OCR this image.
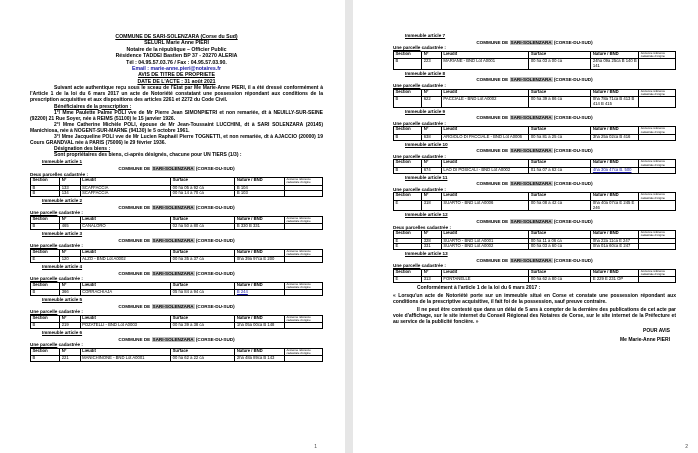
COMMUNE DE SARI-SOLENZARA (Corse du Sud)
SELURL Marie Anne PIERI
Notaire de la république – Officier Public
Résidence TADDEI Bastien BP 37 - 20270 ALERIA
Tél : 04.95.57.03.76 / Fax : 04.95.57.03.90.
Email : marie-anne.pieri@notaires.fr
AVIS DE TITRE DE PROPRIETE
DATE DE L'ACTE : 31 août 2021
Suivant acte authentique reçu sous le sceau de l'Etat par Me Marie-Anne PIERI, il a été dressé conformément à l'Article 1 de la loi du 6 mars 2017 un acte de Notoriété constatant une possession répondant aux conditions de la prescription acquisitive et aux dispositions des articles 2261 et 2272 du Code Civil.
Bénéficiaires de la prescription :
1°/ Mme Paulette Palme POLI vve de Mr Pierre Jean SIMONPIETRI et non remariée, dt à NEUILLY-SUR-SEINE (92200) 21 Rue Soyer, née à REIMS (51100) le 15 janvier 1926.
2°/ Mme Catherine Michèle POLI, épouse de Mr Jean-Toussaint LUCCHINI, dt à SARI SOLENZARA (20145) Manichiosa, née à NOGENT-SUR-MARNE (94130) le 5 octobre 1961.
3°/ Mme Jacqueline POLI vve de Mr Lucien Raphaël Pierre TOGNETTI, et non remariée, dt à AJACCIO (20000) 19 Cours GRANDVAL née à PARIS (75006) le 29 février 1936.
Désignation des biens :
Sont propriétaires des biens, ci-après désignés, chacune pour UN TIERS (1/3) :
Immeuble article 1
COMMUNE DE SARI-SOLENZARA (CORSE-DU-SUD)
Deux parcelles cadastrée :
Section	N°	Lieudit	Surface	Nature / BND	Ancienne référence cadastrale d'origine
B	133	SCAFFACCIA	00 ha 05 a 92 ca	B 104	
B	134	SCAFFACCIA	00 ha 14 a 70 ca	B 103	
Immeuble article 2
COMMUNE DE SARI-SOLENZARA (CORSE-DU-SUD)
Une parcelle cadastrée :
Section	N°	Lieudit	Surface	Nature / BND	Ancienne référence cadastrale d'origine
B	465	CANALORO	02 ha 50 a 80 ca	B 330 B 331	
Immeuble article 3
COMMUNE DE SARI-SOLENZARA (CORSE-DU-SUD)
Une parcelle cadastrée :
Section	N°	Lieudit	Surface	Nature / BND	Ancienne référence cadastrale d'origine
E	120	ALZO - BND Lot A0002	00 ha 35 a 37 ca	0ha 39a 97ca E 200	
Immeuble article 4
COMMUNE DE SARI-SOLENZARA (CORSE-DU-SUD)
Une parcelle cadastrée :
Section	N°	Lieudit	Surface	Nature / BND	Ancienne référence cadastrale d'origine
B	366	CORRACHIAJA	05 ha 84 a 94 ca	B 244	
Immeuble article 5
COMMUNE DE SARI-SOLENZARA (CORSE-DU-SUD)
Une parcelle cadastrée :
Section	N°	Lieudit	Surface	Nature / BND	Ancienne référence cadastrale d'origine
B	219	POZATELLI - BND Lot A0003	00 ha 39 a 38 ca	1ha 05a 00ca B 148	
Immeuble article 6
COMMUNE DE SARI-SOLENZARA (CORSE-DU-SUD)
Une parcelle cadastrée :
Section	N°	Lieudit	Surface	Nature / BND	Ancienne référence cadastrale d'origine
B	221	MANICHINONE - BND Lot A0001	00 ha 62 a 22 ca	2ha 48a 89ca B 143	
1
Immeuble article 7
COMMUNE DE SARI-SOLENZARA (CORSE-DU-SUD)
Une parcelle cadastrée :
Section	N°	Lieudit	Surface	Nature / BND	Ancienne référence cadastrale d'origine
B	223	MARIANE - BND Lot A0001	00 ha 03 a 00 ca	24ha 09a 25ca B 140 B 141	
Immeuble article 8
COMMUNE DE SARI-SOLENZARA (CORSE-DU-SUD)
Une parcelle cadastrée :
Section	N°	Lieudit	Surface	Nature / BND	Ancienne référence cadastrale d'origine
B	622	PACCIALE - BND Lot A0002	00 ha 39 a 86 ca	0ha 78a 71ca B 413 B 414 B 415	
Immeuble article 9
COMMUNE DE SARI-SOLENZARA (CORSE-DU-SUD)
Une parcelle cadastrée :
Section	N°	Lieudit	Surface	Nature / BND	Ancienne référence cadastrale d'origine
B	638	ARGIOLO DI PACCIALE - BND Lot A0006	00 ha 81 a 25 ca	3ha 25a 02ca B 416	
Immeuble article 10
COMMUNE DE SARI-SOLENZARA (CORSE-DU-SUD)
Une parcelle cadastrée :
Section	N°	Lieudit	Surface	Nature / BND	Ancienne référence cadastrale d'origine
B	674	LAO DI POSICALI - BND Lot A0002	01 ha 07 a 62 ca	4ha 30a 47ca B. 500	
Immeuble article 11
COMMUNE DE SARI-SOLENZARA (CORSE-DU-SUD)
Une parcelle cadastrée :
Section	N°	Lieudit	Surface	Nature / BND	Ancienne référence cadastrale d'origine
E	318	SUARTO - BND Lot A0006	00 ha 08 a 42 ca	0ha 40a 07ca E 245 E 246	
Immeuble article 12
COMMUNE DE SARI-SOLENZARA (CORSE-DU-SUD)
Deux parcelles cadastrée :
Section	N°	Lieudit	Surface	Nature / BND	Ancienne référence cadastrale d'origine
E	328	SUARTO - BND Lot A0001	00 ha 11 a 06 ca	0ha 22a 11ca E 247	
E	331	SUARTO - BND Lot A0002	00 ha 03 a 60 ca	0ha 01a 60ca E 247	
Immeuble article 13
COMMUNE DE SARI-SOLENZARA (CORSE-DU-SUD)
Une parcelle cadastrée :
Section	N°	Lieudit	Surface	Nature / BND	Ancienne référence cadastrale d'origine
E	313	FONTANELLE	00 ha 62 a 80 ca	E 229 E 231 OP	
Conformément à l'article 1 de la loi du 6 mars 2017 :
« Lorsqu'un acte de Notoriété porte sur un immeuble situé en Corse et constate une possession répondant aux conditions de la prescriptive acquisitive, il fait foi de la possession, sauf preuve contraire.
Il ne peut être contesté que dans un délai de 5 ans à compter de la dernière des publications de cet acte par voie d'affichage, sur le site internet du Conseil Régional des Notaires de Corse, sur le site internet de la Préfecture et au service de la publicité foncière. »
POUR AVIS
Me Marie-Anne PIERI
2
